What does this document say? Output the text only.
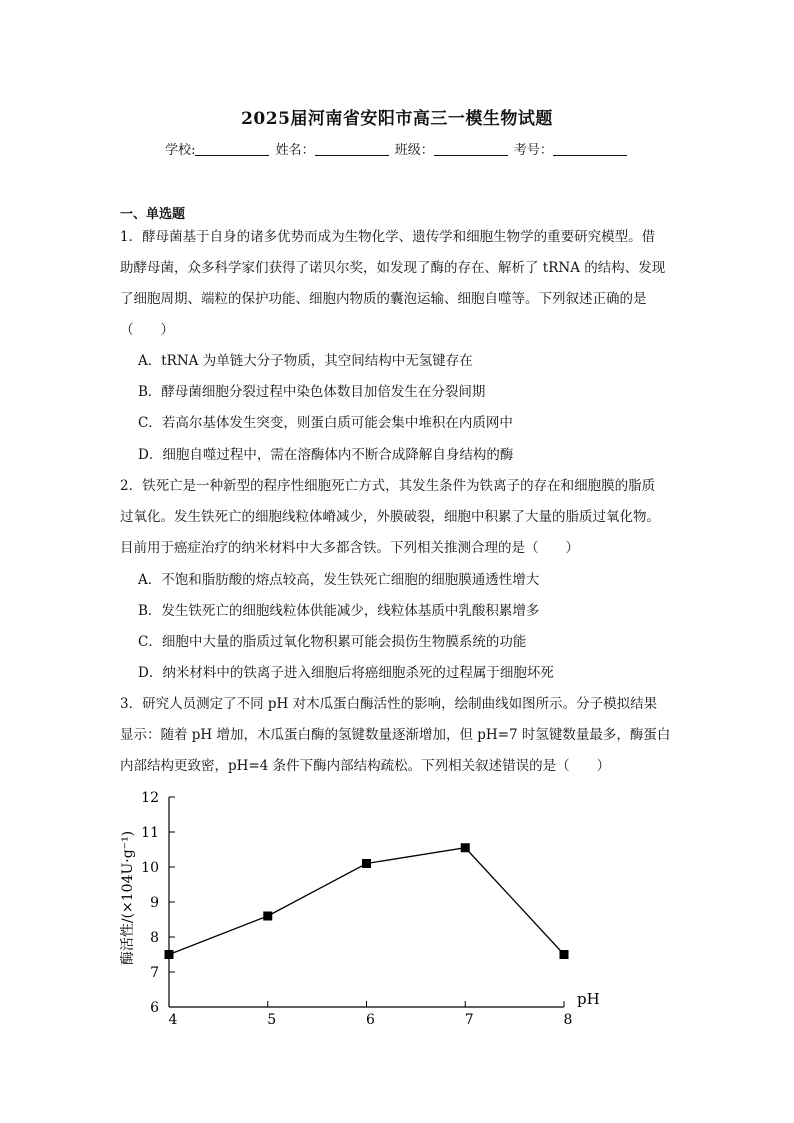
2025届河南省安阳市高三一模生物试题
学校:	姓名：	班级：	考号：
一、单选题
1．酵母菌基于自身的诸多优势而成为生物化学、遗传学和细胞生物学的重要研究模型。借
助酵母菌，众多科学家们获得了诺贝尔奖，如发现了酶的存在、解析了 tRNA 的结构、发现
了细胞周期、端粒的保护功能、细胞内物质的囊泡运输、细胞自噬等。下列叙述正确的是
（　　）
A．tRNA 为单链大分子物质，其空间结构中无氢键存在
B．酵母菌细胞分裂过程中染色体数目加倍发生在分裂间期
C．若高尔基体发生突变，则蛋白质可能会集中堆积在内质网中
D．细胞自噬过程中，需在溶酶体内不断合成降解自身结构的酶
2．铁死亡是一种新型的程序性细胞死亡方式，其发生条件为铁离子的存在和细胞膜的脂质
过氧化。发生铁死亡的细胞线粒体嵴减少，外膜破裂，细胞中积累了大量的脂质过氧化物。
目前用于癌症治疗的纳米材料中大多都含铁。下列相关推测合理的是（　　）
A．不饱和脂肪酸的熔点较高，发生铁死亡细胞的细胞膜通透性增大
B．发生铁死亡的细胞线粒体供能减少，线粒体基质中乳酸积累增多
C．细胞中大量的脂质过氧化物积累可能会损伤生物膜系统的功能
D．纳米材料中的铁离子进入细胞后将癌细胞杀死的过程属于细胞坏死
3．研究人员测定了不同 pH 对木瓜蛋白酶活性的影响，绘制曲线如图所示。分子模拟结果
显示：随着 pH 增加，木瓜蛋白酶的氢键数量逐渐增加，但 pH=7 时氢键数量最多，酶蛋白
内部结构更致密，pH=4 条件下酶内部结构疏松。下列相关叙述错误的是（　　）
6
7
8
9
10
11
12
4	5	6	7	8
pH
酶活性/(×104U·g⁻¹)
